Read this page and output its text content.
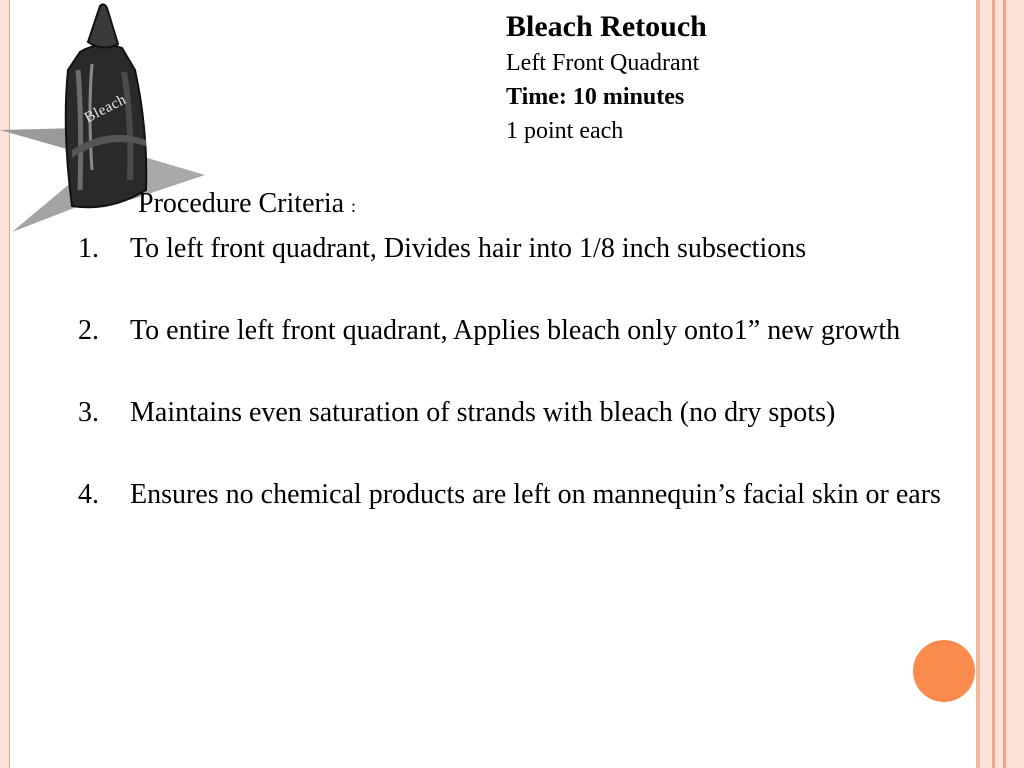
Bleach
Bleach Retouch
Left Front Quadrant
Time: 10 minutes
1 point each
Procedure Criteria :
1. To left front quadrant, Divides hair into 1/8 inch subsections
2. To entire left front quadrant, Applies bleach only onto1” new growth
3. Maintains even saturation of strands with bleach (no dry spots)
4. Ensures no chemical products are left on mannequin’s facial skin or ears
